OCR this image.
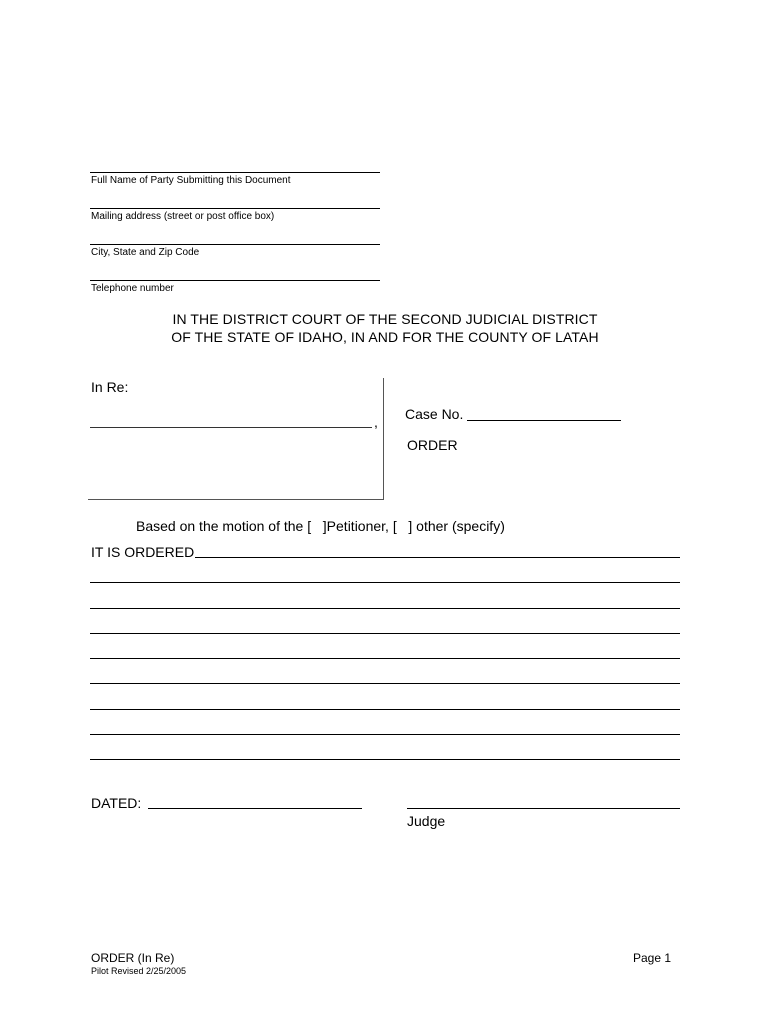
Full Name of Party Submitting this Document
Mailing address (street or post office box)
City, State and Zip Code
Telephone number
IN THE DISTRICT COURT OF THE SECOND JUDICIAL DISTRICT
OF THE STATE OF IDAHO, IN AND FOR THE COUNTY OF LATAH
In Re:
, Case No.
ORDER
Based on the motion of the [   ]Petitioner, [   ] other (specify)
IT IS ORDERED
DATED:
Judge
ORDER (In Re)
Pilot Revised 2/25/2005
Page 1
